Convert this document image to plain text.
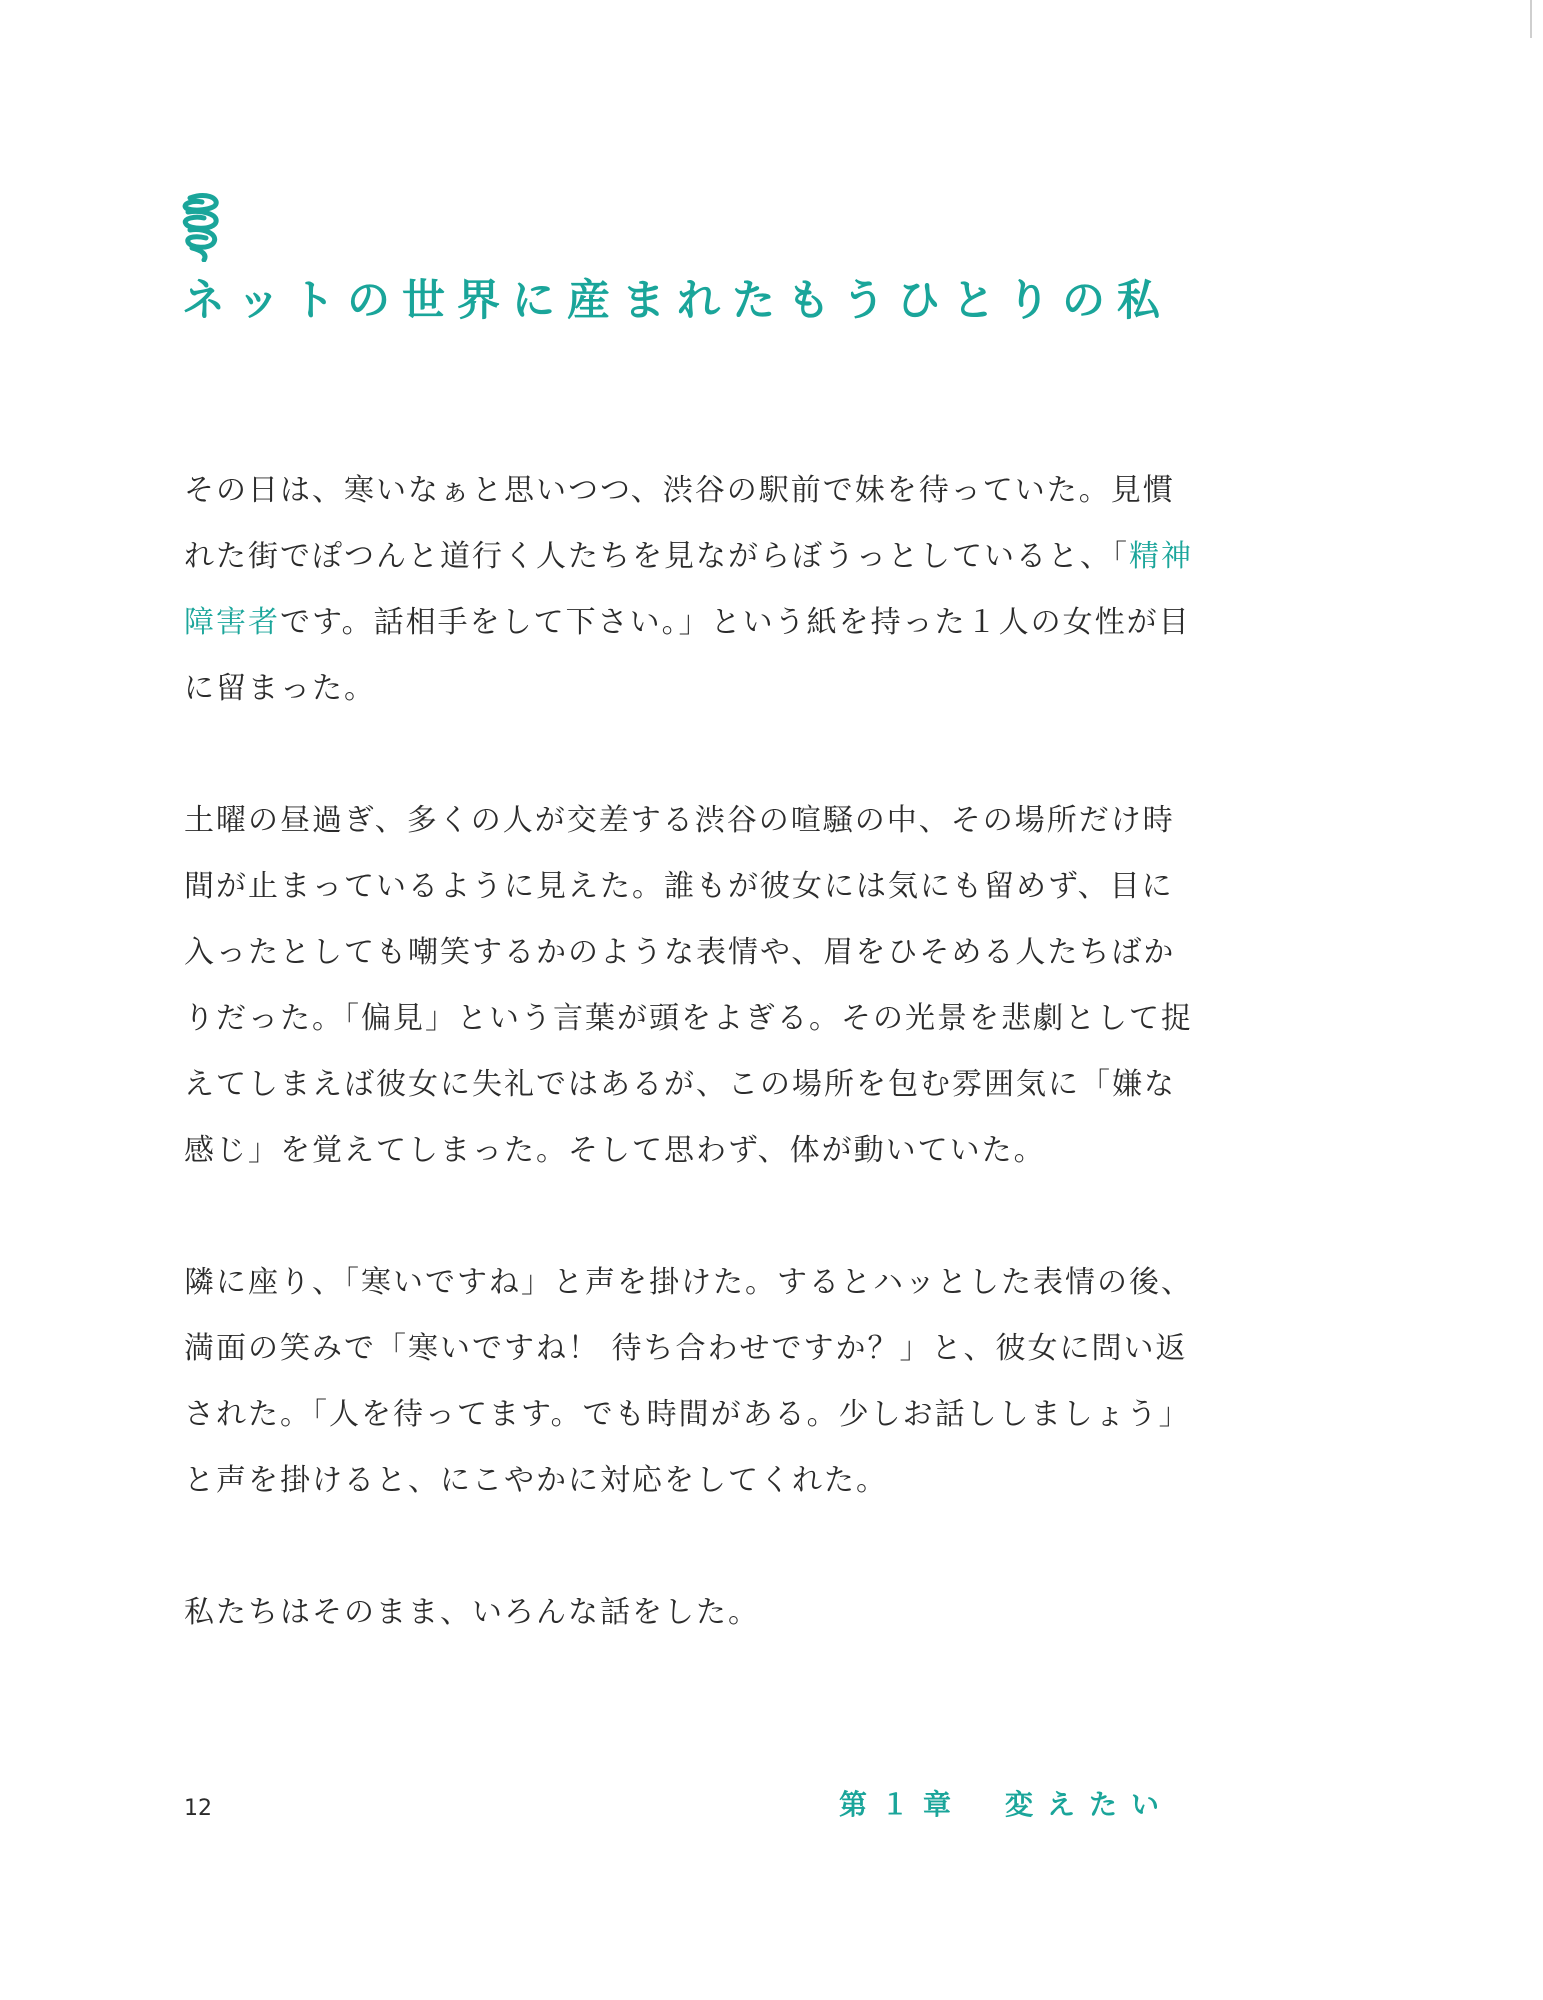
ネットの世界に産まれたもうひとりの私

その日は、寒いなぁと思いつつ、渋谷の駅前で妹を待っていた。見慣
れた街でぽつんと道行く人たちを見ながらぼうっとしていると、「精神
障害者です。話相手をして下さい。」という紙を持った１人の女性が目
に留まった。

土曜の昼過ぎ、多くの人が交差する渋谷の喧騒の中、その場所だけ時
間が止まっているように見えた。誰もが彼女には気にも留めず、目に
入ったとしても嘲笑するかのような表情や、眉をひそめる人たちばか
りだった。「偏見」という言葉が頭をよぎる。その光景を悲劇として捉
えてしまえば彼女に失礼ではあるが、この場所を包む雰囲気に「嫌な
感じ」を覚えてしまった。そして思わず、体が動いていた。

隣に座り、「寒いですね」と声を掛けた。するとハッとした表情の後、
満面の笑みで「寒いですね！ 待ち合わせですか？」と、彼女に問い返
された。「人を待ってます。でも時間がある。少しお話ししましょう」
と声を掛けると、にこやかに対応をしてくれた。

私たちはそのまま、いろんな話をした。

12	第１章 変えたい
